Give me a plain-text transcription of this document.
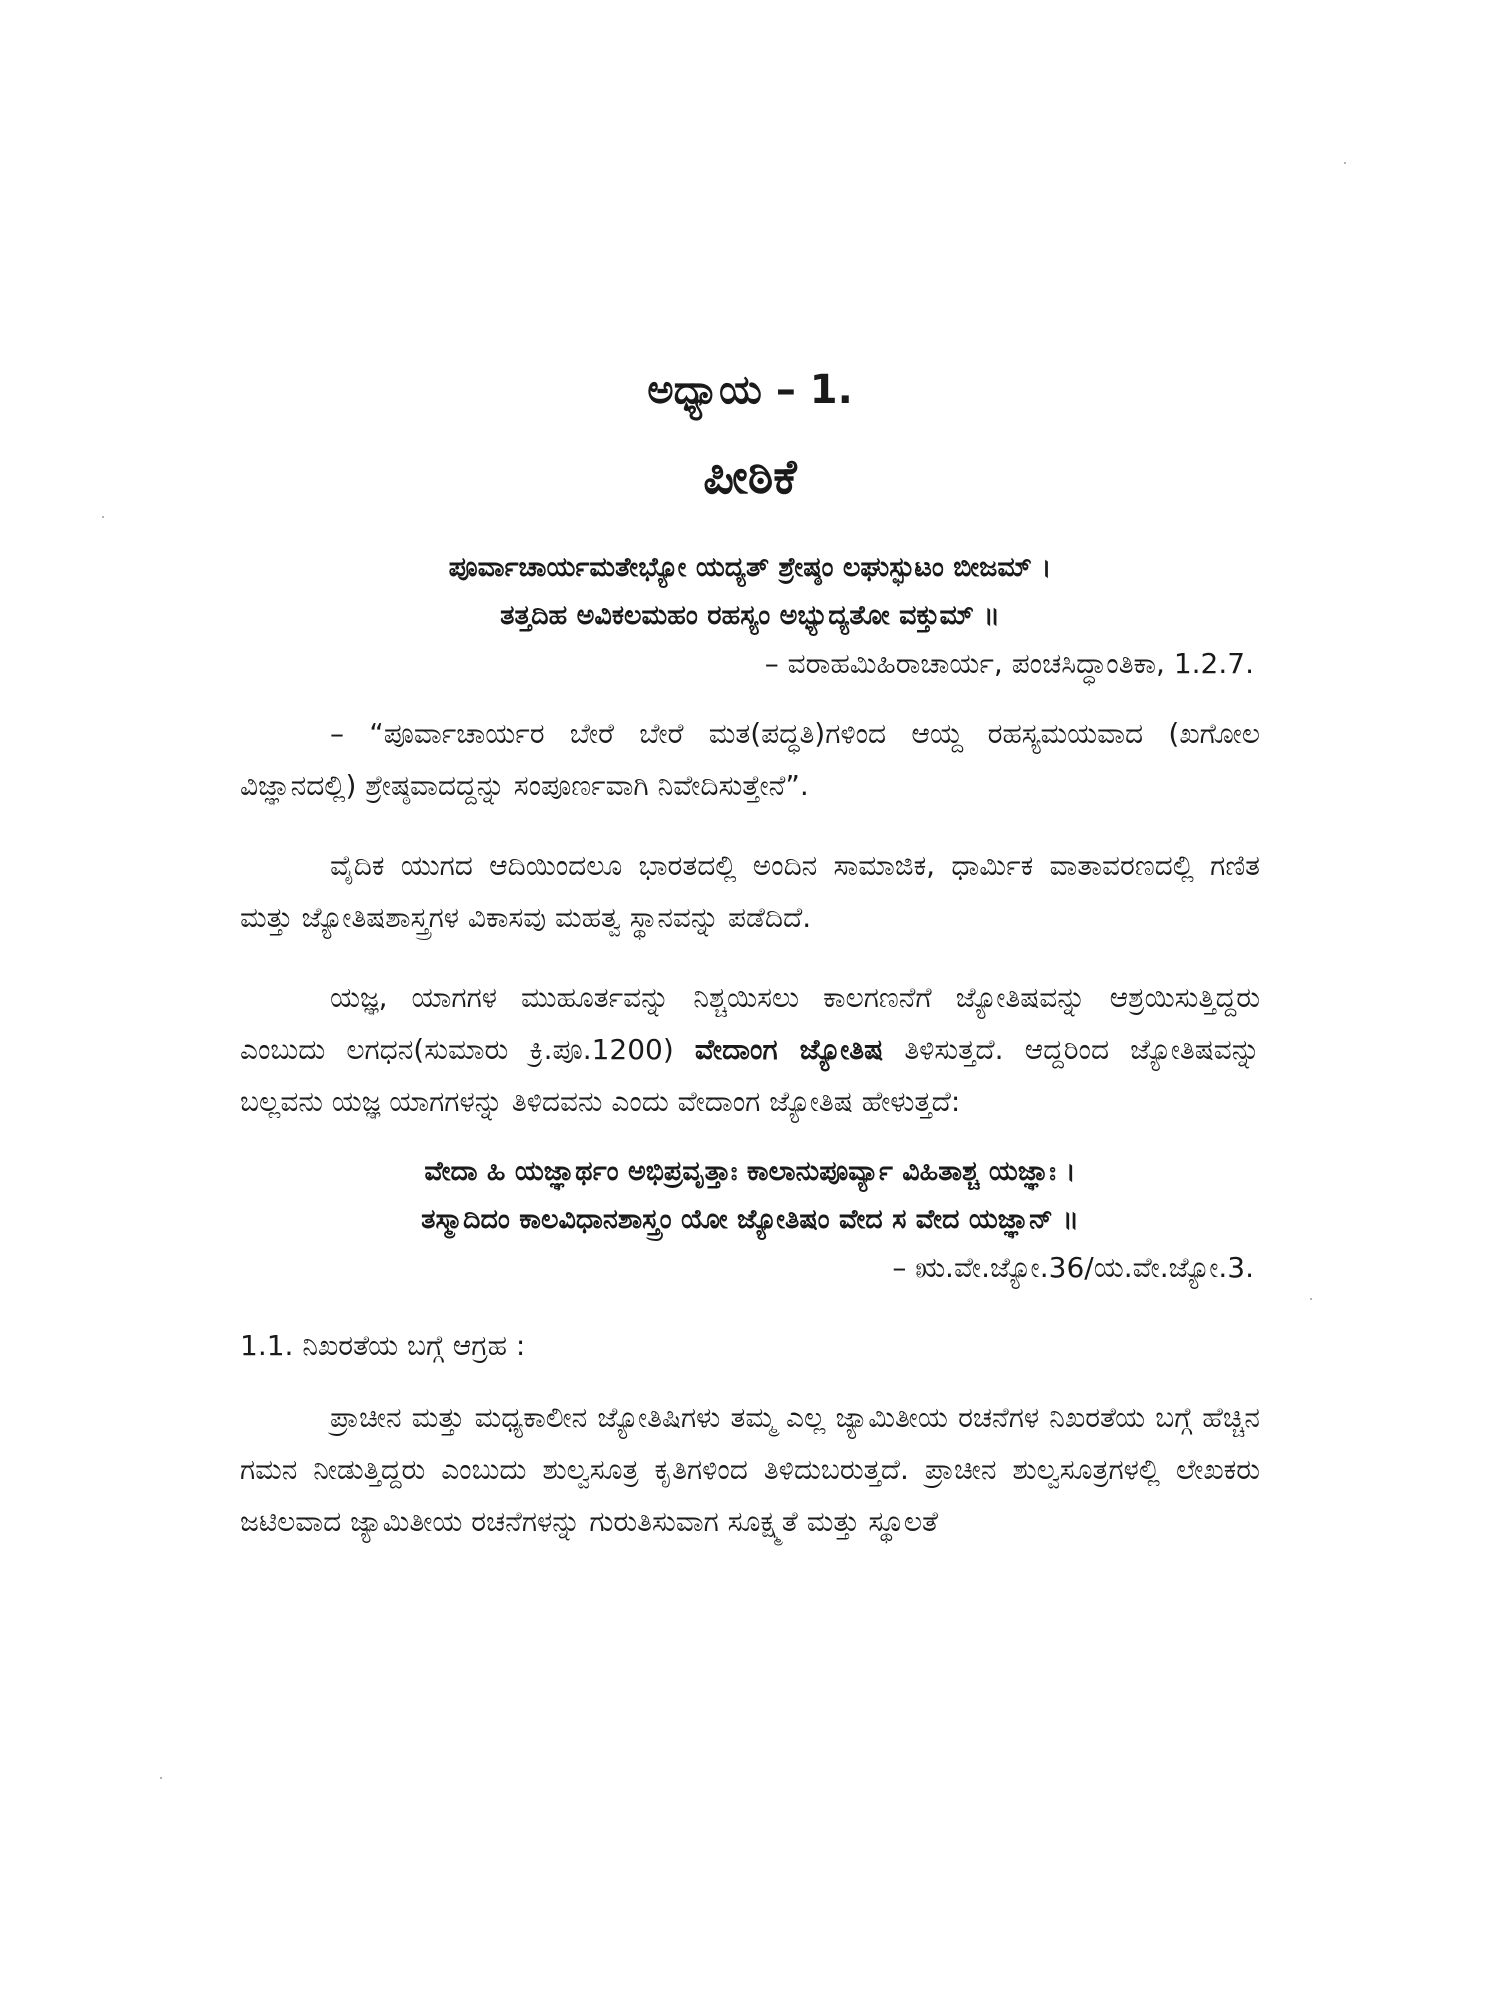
ಅಧ್ಯಾಯ – 1.
ಪೀಠಿಕೆ

ಪೂರ್ವಾಚಾರ್ಯಮತೇಭ್ಯೋ ಯದ್ಯತ್ ಶ್ರೇಷ್ಠಂ ಲಘುಸ್ಫುಟಂ ಬೀಜಮ್ ।

ತತ್ತದಿಹ ಅವಿಕಲಮಹಂ ರಹಸ್ಯಂ ಅಭ್ಯುದ್ಯತೋ ವಕ್ತುಮ್ ॥

– ವರಾಹಮಿಹಿರಾಚಾರ್ಯ, ಪಂಚಸಿದ್ಧಾಂತಿಕಾ, 1.2.7.

– “ಪೂರ್ವಾಚಾರ್ಯರ ಬೇರೆ ಬೇರೆ ಮತ(ಪದ್ಧತಿ)ಗಳಿಂದ ಆಯ್ದ ರಹಸ್ಯಮಯವಾದ (ಖಗೋಲ ವಿಜ್ಞಾನದಲ್ಲಿ) ಶ್ರೇಷ್ಠವಾದದ್ದನ್ನು ಸಂಪೂರ್ಣವಾಗಿ ನಿವೇದಿಸುತ್ತೇನೆ”.

ವೈದಿಕ ಯುಗದ ಆದಿಯಿಂದಲೂ ಭಾರತದಲ್ಲಿ ಅಂದಿನ ಸಾಮಾಜಿಕ, ಧಾರ್ಮಿಕ ವಾತಾವರಣದಲ್ಲಿ ಗಣಿತ ಮತ್ತು ಜ್ಯೋತಿಷಶಾಸ್ತ್ರಗಳ ವಿಕಾಸವು ಮಹತ್ವ ಸ್ಥಾನವನ್ನು ಪಡೆದಿದೆ.

ಯಜ್ಞ, ಯಾಗಗಳ ಮುಹೂರ್ತವನ್ನು ನಿಶ್ಚಯಿಸಲು ಕಾಲಗಣನೆಗೆ ಜ್ಯೋತಿಷವನ್ನು ಆಶ್ರಯಿಸುತ್ತಿದ್ದರು ಎಂಬುದು ಲಗಧನ(ಸುಮಾರು ಕ್ರಿ.ಪೂ.1200) ವೇದಾಂಗ ಜ್ಯೋತಿಷ ತಿಳಿಸುತ್ತದೆ. ಆದ್ದರಿಂದ ಜ್ಯೋತಿಷವನ್ನು ಬಲ್ಲವನು ಯಜ್ಞ ಯಾಗಗಳನ್ನು ತಿಳಿದವನು ಎಂದು ವೇದಾಂಗ ಜ್ಯೋತಿಷ ಹೇಳುತ್ತದೆ:

ವೇದಾ ಹಿ ಯಜ್ಞಾರ್ಥಂ ಅಭಿಪ್ರವೃತ್ತಾಃ ಕಾಲಾನುಪೂರ್ವ್ಯಾ ವಿಹಿತಾಶ್ಚ ಯಜ್ಞಾಃ ।

ತಸ್ಮಾದಿದಂ ಕಾಲವಿಧಾನಶಾಸ್ತ್ರಂ ಯೋ ಜ್ಯೋತಿಷಂ ವೇದ ಸ ವೇದ ಯಜ್ಞಾನ್ ॥

– ಋ.ವೇ.ಜ್ಯೋ.36/ಯ.ವೇ.ಜ್ಯೋ.3.

1.1. ನಿಖರತೆಯ ಬಗ್ಗೆ ಆಗ್ರಹ :

ಪ್ರಾಚೀನ ಮತ್ತು ಮಧ್ಯಕಾಲೀನ ಜ್ಯೋತಿಷಿಗಳು ತಮ್ಮ ಎಲ್ಲ ಜ್ಯಾಮಿತೀಯ ರಚನೆಗಳ ನಿಖರತೆಯ ಬಗ್ಗೆ ಹೆಚ್ಚಿನ ಗಮನ ನೀಡುತ್ತಿದ್ದರು ಎಂಬುದು ಶುಲ್ವಸೂತ್ರ ಕೃತಿಗಳಿಂದ ತಿಳಿದುಬರುತ್ತದೆ. ಪ್ರಾಚೀನ ಶುಲ್ವಸೂತ್ರಗಳಲ್ಲಿ ಲೇಖಕರು ಜಟಿಲವಾದ ಜ್ಯಾಮಿತೀಯ ರಚನೆಗಳನ್ನು ಗುರುತಿಸುವಾಗ ಸೂಕ್ಷ್ಮತೆ ಮತ್ತು ಸ್ಥೂಲತೆ
